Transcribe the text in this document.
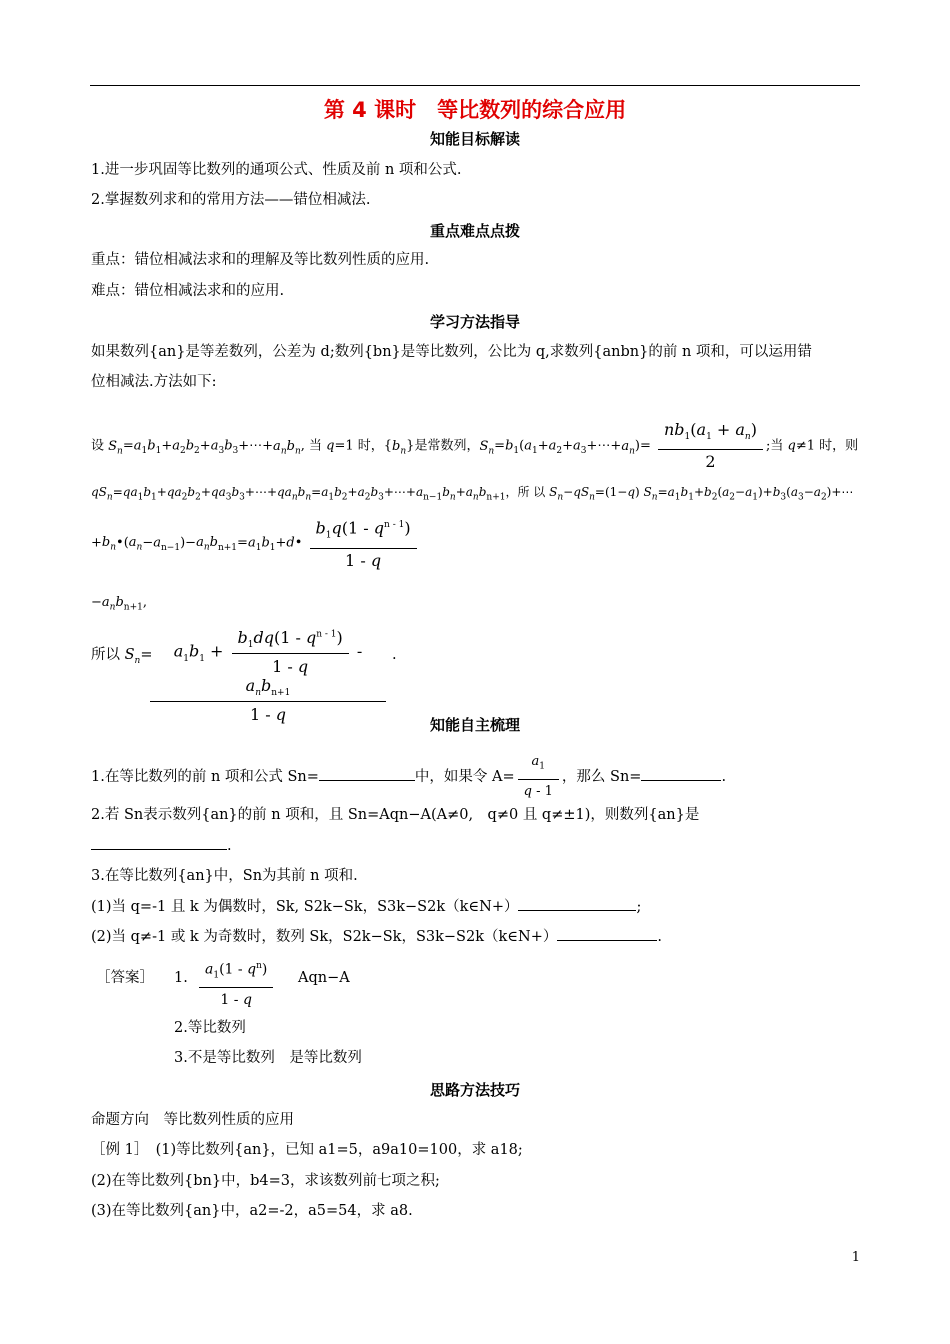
第 4 课时　等比数列的综合应用
知能目标解读
1.进一步巩固等比数列的通项公式、性质及前 n 项和公式.
2.掌握数列求和的常用方法——错位相减法.
重点难点点拨
重点：错位相减法求和的理解及等比数列性质的应用.
难点：错位相减法求和的应用.
学习方法指导
如果数列{an}是等差数列，公差为 d;数列{bn}是等比数列，公比为 q,求数列{anbn}的前 n 项和，可以运用错
位相减法.方法如下:
设 $S_n=a_1b_1+a_2b_2+a_3b_3+\cdots+a_nb_n$, 当 q=1 时，$\{b_n\}$是常数列，$S_n=b_1(a_1+a_2+a_3+\cdots+a_n)= \frac{nb_1(a_1 + a_n)}{2}$ ;当 q≠1 时，则
$qS_n=qa_1b_1+qa_2b_2+qa_3b_3+\cdots+qa_nb_n=a_1b_2+a_2b_3+\cdots+a_{n-1}b_n+a_nb_{n+1}$，所 以 $S_n-qS_n=(1-q)$ $S_n=a_1b_1+b_2(a_2-a_1)+b_3(a_3-a_2)+\cdots$
$+b_n•(a_n-a_{n-1})-a_nb_{n+1}=a_1b_1+d• \frac{b_1q(1 - q^{n - 1})}{1 - q}$
$-a_nb_{n+1}$,
所以 $S_n=$	$a_1b_1 + \frac{b_1dq(1 - q^{n - 1})}{1 - q} - a_nb_{n+1}$
1 - q
.
知能自主梳理
1.在等比数列的前 n 项和公式 Sn=	中，如果令 $A= \frac{a_1}{q - 1}$ ，那么 Sn=	.
2.若 Sn表示数列{an}的前 n 项和，且 Sn=Aqn−A(A≠0,　q≠0 且 q≠±1)，则数列{an}是
.
3.在等比数列{an}中，Sn为其前 n 项和.
(1)当 q=-1 且 k 为偶数时，Sk, S2k−Sk，S3k−S2k（k∈N+）	;
(2)当 q≠-1 或 k 为奇数时，数列 Sk，S2k−Sk，S3k−S2k（k∈N+）	.
［答案］ 1. $\frac{a_1(1 - q^n)}{1 - q} Aqn-A$
2.等比数列
3.不是等比数列　是等比数列
思路方法技巧
命题方向　等比数列性质的应用
［例 1］　(1)等比数列{an}，已知 a1=5，a9a10=100，求 a18;
(2)在等比数列{bn}中，b4=3，求该数列前七项之积;
(3)在等比数列{an}中，a2=-2，a5=54，求 a8.
1
